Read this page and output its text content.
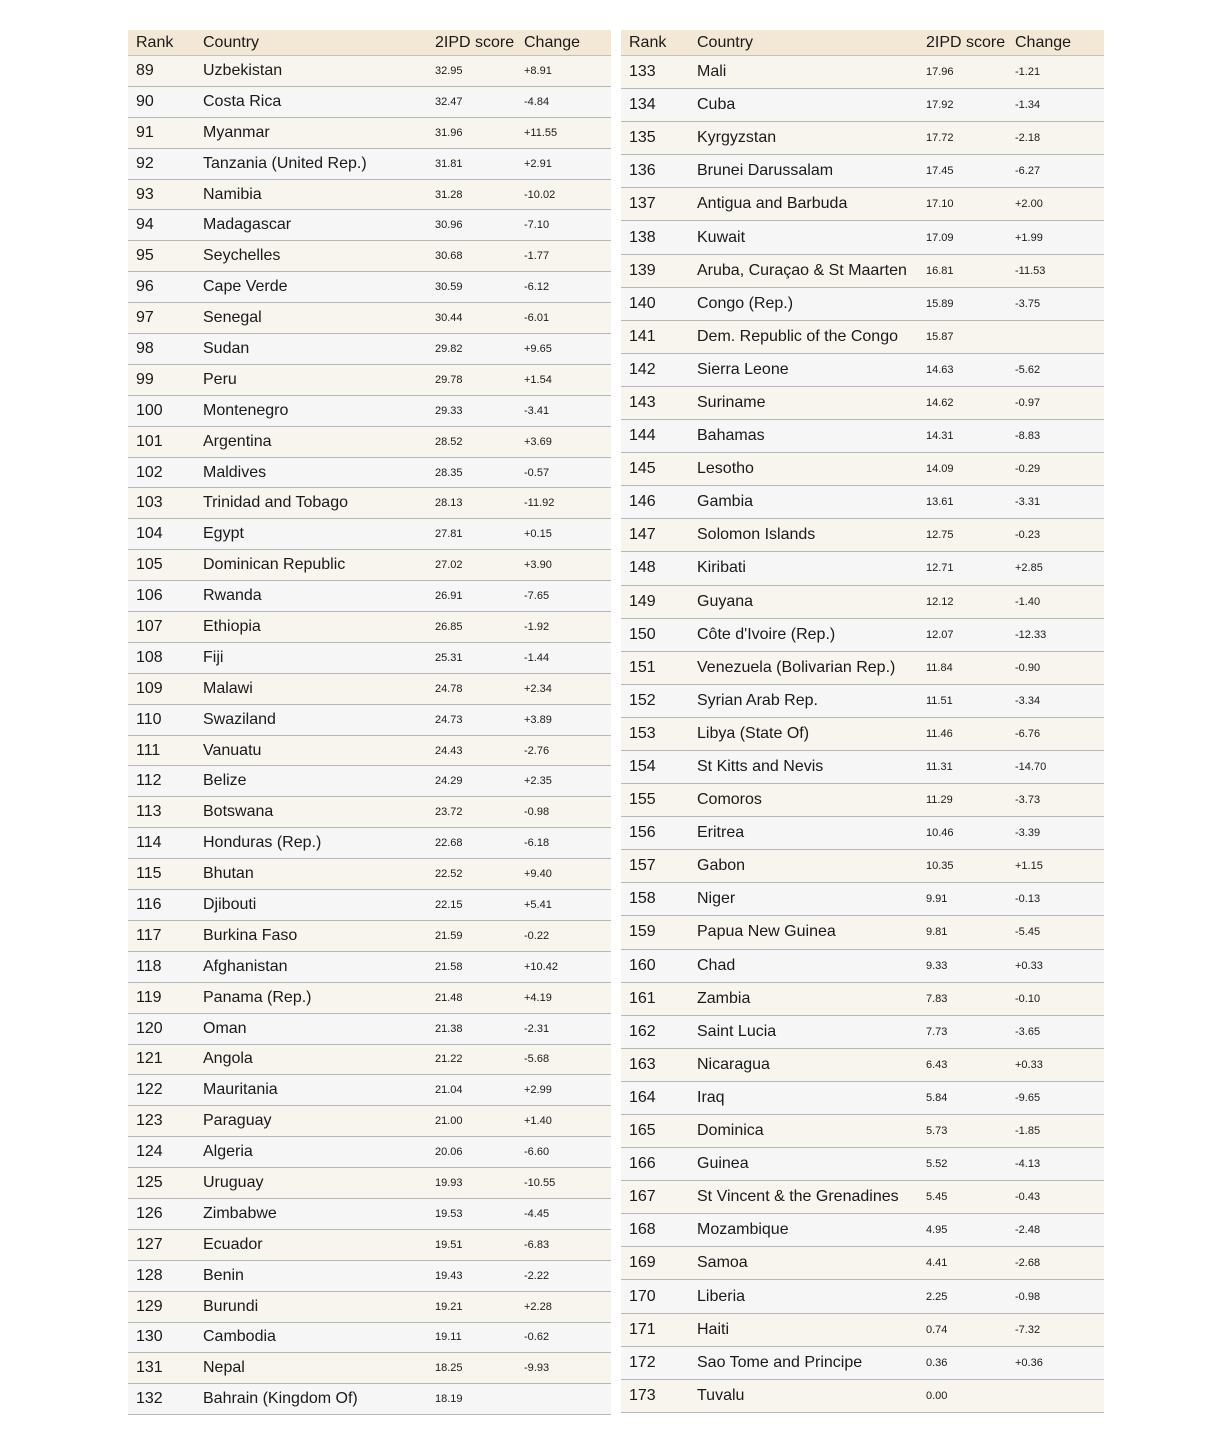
Rank	Country	2IPD score	Change
89	Uzbekistan	32.95	+8.91
90	Costa Rica	32.47	-4.84
91	Myanmar	31.96	+11.55
92	Tanzania (United Rep.)	31.81	+2.91
93	Namibia	31.28	-10.02
94	Madagascar	30.96	-7.10
95	Seychelles	30.68	-1.77
96	Cape Verde	30.59	-6.12
97	Senegal	30.44	-6.01
98	Sudan	29.82	+9.65
99	Peru	29.78	+1.54
100	Montenegro	29.33	-3.41
101	Argentina	28.52	+3.69
102	Maldives	28.35	-0.57
103	Trinidad and Tobago	28.13	-11.92
104	Egypt	27.81	+0.15
105	Dominican Republic	27.02	+3.90
106	Rwanda	26.91	-7.65
107	Ethiopia	26.85	-1.92
108	Fiji	25.31	-1.44
109	Malawi	24.78	+2.34
110	Swaziland	24.73	+3.89
111	Vanuatu	24.43	-2.76
112	Belize	24.29	+2.35
113	Botswana	23.72	-0.98
114	Honduras (Rep.)	22.68	-6.18
115	Bhutan	22.52	+9.40
116	Djibouti	22.15	+5.41
117	Burkina Faso	21.59	-0.22
118	Afghanistan	21.58	+10.42
119	Panama (Rep.)	21.48	+4.19
120	Oman	21.38	-2.31
121	Angola	21.22	-5.68
122	Mauritania	21.04	+2.99
123	Paraguay	21.00	+1.40
124	Algeria	20.06	-6.60
125	Uruguay	19.93	-10.55
126	Zimbabwe	19.53	-4.45
127	Ecuador	19.51	-6.83
128	Benin	19.43	-2.22
129	Burundi	19.21	+2.28
130	Cambodia	19.11	-0.62
131	Nepal	18.25	-9.93
132	Bahrain (Kingdom Of)	18.19	
Rank	Country	2IPD score	Change
133	Mali	17.96	-1.21
134	Cuba	17.92	-1.34
135	Kyrgyzstan	17.72	-2.18
136	Brunei Darussalam	17.45	-6.27
137	Antigua and Barbuda	17.10	+2.00
138	Kuwait	17.09	+1.99
139	Aruba, Curaçao & St Maarten	16.81	-11.53
140	Congo (Rep.)	15.89	-3.75
141	Dem. Republic of the Congo	15.87	
142	Sierra Leone	14.63	-5.62
143	Suriname	14.62	-0.97
144	Bahamas	14.31	-8.83
145	Lesotho	14.09	-0.29
146	Gambia	13.61	-3.31
147	Solomon Islands	12.75	-0.23
148	Kiribati	12.71	+2.85
149	Guyana	12.12	-1.40
150	Côte d'Ivoire (Rep.)	12.07	-12.33
151	Venezuela (Bolivarian Rep.)	11.84	-0.90
152	Syrian Arab Rep.	11.51	-3.34
153	Libya (State Of)	11.46	-6.76
154	St Kitts and Nevis	11.31	-14.70
155	Comoros	11.29	-3.73
156	Eritrea	10.46	-3.39
157	Gabon	10.35	+1.15
158	Niger	9.91	-0.13
159	Papua New Guinea	9.81	-5.45
160	Chad	9.33	+0.33
161	Zambia	7.83	-0.10
162	Saint Lucia	7.73	-3.65
163	Nicaragua	6.43	+0.33
164	Iraq	5.84	-9.65
165	Dominica	5.73	-1.85
166	Guinea	5.52	-4.13
167	St Vincent & the Grenadines	5.45	-0.43
168	Mozambique	4.95	-2.48
169	Samoa	4.41	-2.68
170	Liberia	2.25	-0.98
171	Haiti	0.74	-7.32
172	Sao Tome and Principe	0.36	+0.36
173	Tuvalu	0.00	
